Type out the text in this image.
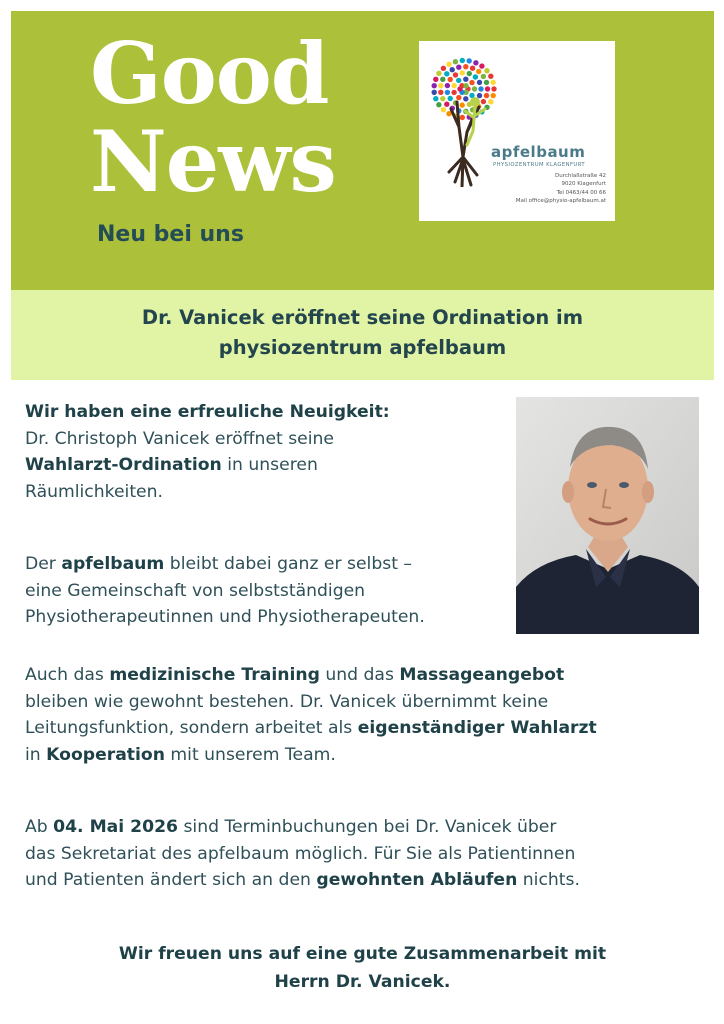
Good
News

Neu bei uns

apfelbaum
PHYSIOZENTRUM KLAGENFURT
Durchlaßstraße 42
9020 Klagenfurt
Tel 0463/44 00 66
Mail office@physio-apfelbaum.at
Dr. Vanicek eröffnet seine Ordination im
physiozentrum apfelbaum
Wir haben eine erfreuliche Neuigkeit:
Dr. Christoph Vanicek eröffnet seine
Wahlarzt-Ordination in unseren
Räumlichkeiten.
Der apfelbaum bleibt dabei ganz er selbst –
eine Gemeinschaft von selbstständigen
Physiotherapeutinnen und Physiotherapeuten.
Auch das medizinische Training und das Massageangebot
bleiben wie gewohnt bestehen. Dr. Vanicek übernimmt keine
Leitungsfunktion, sondern arbeitet als eigenständiger Wahlarzt
in Kooperation mit unserem Team.
Ab 04. Mai 2026 sind Terminbuchungen bei Dr. Vanicek über
das Sekretariat des apfelbaum möglich. Für Sie als Patientinnen
und Patienten ändert sich an den gewohnten Abläufen nichts.
Wir freuen uns auf eine gute Zusammenarbeit mit
Herrn Dr. Vanicek.
